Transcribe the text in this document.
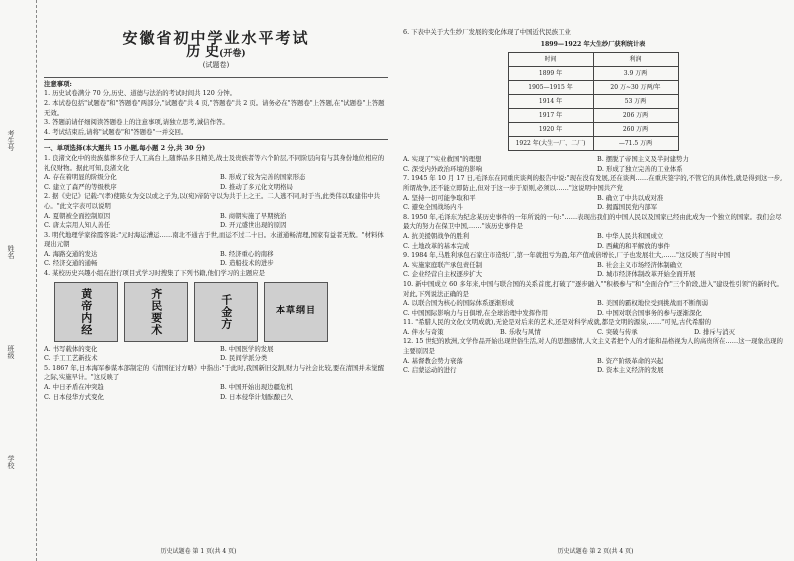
考生号
姓名
班级
学校
安徽省初中学业水平考试
历 史(开卷)
(试题卷)

注意事项:

1. 历史试卷满分 70 分,历史、道德与法治的考试时间共 120 分钟。

2. 本试卷包括"试题卷"和"答题卷"两部分,"试题卷"共 4 页,"答题卷"共 2 页。请务必在"答题卷"上答题,在"试题卷"上答题无效。

3. 答题前请仔细阅读答题卷上的注意事项,请独立思考,诚信作答。

4. 考试结束后,请将"试题卷"和"答题卷"一并交回。

一、单项选择(本大题共 15 小题,每小题 2 分,共 30 分)

1. 良渚文化中的贵族墓葬多位于人工高台上,随葬品多且精美,战士及贵族者等六个阶层,不同阶层向有与其身份地位相应的礼仪财物。据此可知,良渚文化

A. 存在着明显的阶级分化	B. 形成了较为完善的国家形态

C. 建立了森严的等级秩序	D. 推动了多元化文明格局

2. 据《史记》记载:"(孝)使陈女为交以或之子为,以(宛)帝防守以为共于上之王。二人逃不同,时于当,此类伟以取建伟中共心。"此文字表可以说明

A. 夏朝被全面控制原因	B. 商朝实施了早期统治

C. 唐太宗用人知人善任	D. 开元盛世出现的原因

3. 明代地理学家徐霞客说:"元时海运漕运……南北不通古于世,而运不过二十日。水道通畅清理,国家有益者无数。"材料体现出元朝

A. 海路交通的发达	B. 经济重心的南移

C. 经济交通的通畅	D. 造船技术的进步

4. 某校历史兴趣小组在进行项目式学习时搜集了下列书籍,他们学习的主题应是

黄帝内经	齐民要术	千金方	本草纲目

A. 书写载体的变化	B. 中国医学的发展

C. 手工工艺新技术	D. 民间学派分类

5. 1867 年,日本海军参谋本部制定的《清国征讨方略》中指出:"于此时,我国新旧交割,财力与社会比较,要在清国并未觉醒之际,实施早计。"这反映了

A. 中日矛盾在冲突趋	B. 中国开始出现边疆危机

C. 日本侵华方式变化	D. 日本侵华计划酝酿已久

历史试题卷 第 1 页(共 4 页)

6. 下表中关于大生纱厂发展的变化体现了中国近代民族工业

1899—1922 年大生纱厂获利统计表

时间	利润
1899 年	3.9 万两
1905—1915 年	20 万~30 万两/年
1914 年	53 万两
1917 年	206 万两
1920 年	260 万两
1922 年(大生一厂、二厂)	—71.5 万两

A. 实现了"实业救国"的理想	B. 摆脱了帝国主义及半封建势力

C. 深受内外政治环境的影响	D. 形成了独立完善的工业体系

7. 1945 年 10 月 17 日,毛泽东在同重庆谈判的报告中说:"现在没有发展,还在谈判……在重庆签字的,不管它的具体性,就是得到这一步,所谓战争,还不能立即防止,但对于这一步于原则,必须以……"这说明中国共产党

A. 坚持一切可能争取和平	B. 确立了中共以成对准

C. 避免全国战场内斗	D. 揭露国民党内部军

8. 1950 年,毛泽东为纪念某历史事件的一年所说的一句:"……表现出我们的中国人民以及国家已经由此成为一个独立的国家。我们会尽最大的努力在保卫中国,……"该历史事件是

A. 抗美援朝战争的胜利	B. 中华人民共和国成立

C. 土地改革的基本完成	D. 西藏的和平解放的事件

9. 1984 年,马胜利承包石家庄市造纸厂,第一年就扭亏为盈,年产值成倍增长,厂子也发展壮大,……"这反映了当时中国

A. 实施家庭联产承包责任制	B. 社会主义市场经济体制确立

C. 企业经营自主权逐步扩大	D. 城市经济体制改革开始全面开展

10. 新中国成立 60 多年来,中国与联合国的关系首度,打破了"逐步融入""积极参与"和"全面合作"三个阶段,进入"建设性引领"的新时代。对此,下列说法正确的是

A. 以联合国为核心的国际体系逐渐形成	B. 美国的霸权地位受到挑战而不断削弱

C. 中国国际影响力与日俱增,在全球治理中发挥作用	D. 中国对联合国事务的参与逐渐深化

11. "希腊人民的文化(文明成就),无论是对后来的艺术,还是对科学成就,都是文明的源泉,……"可见,古代希腊的

A. 伴水与奇策	B. 乐收与风情	C. 突破与传承	D. 排斥与消灭

12. 15 世纪的欧洲,文学作品开始出现世俗生活,对人的思想感情,人文主义者把个人的才能和品格视为人的高贵所在……这一现象出现的主要原因是

A. 基督教会势力衰落	B. 资产阶级革命的兴起

C. 启蒙运动的进行	D. 资本主义经济的发展

历史试题卷 第 2 页(共 4 页)
